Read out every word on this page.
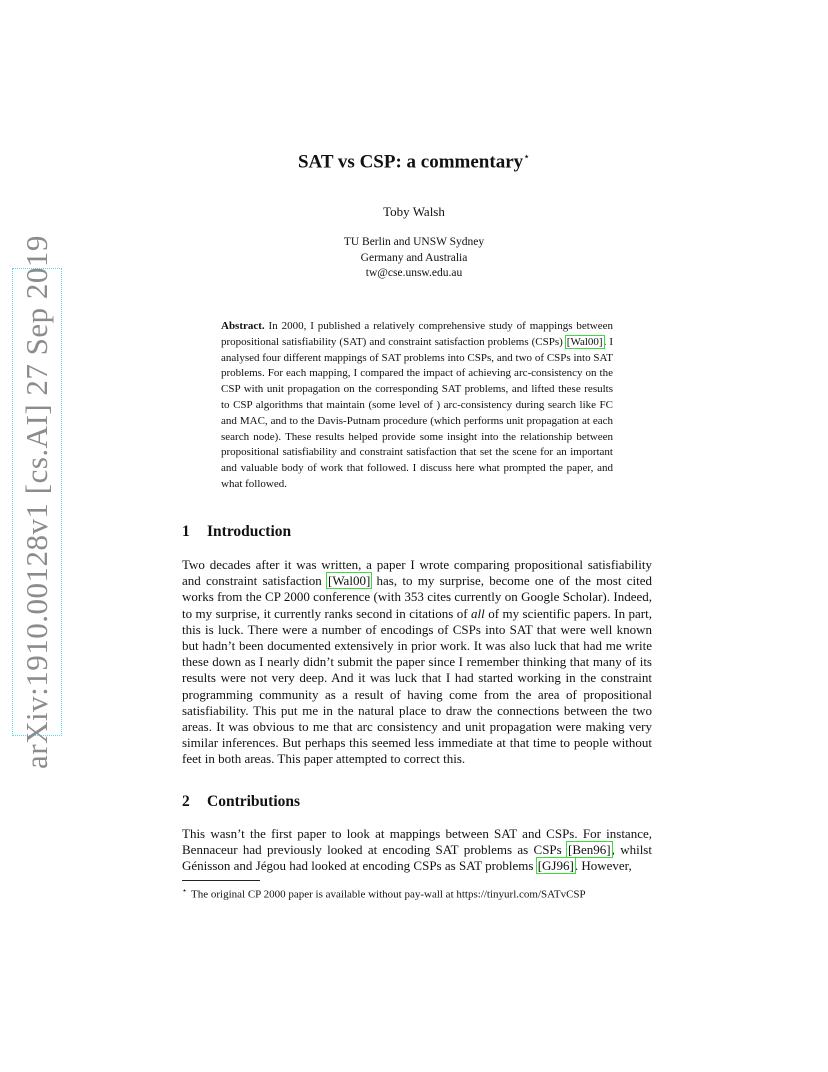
arXiv:1910.00128v1 [cs.AI] 27 Sep 2019
SAT vs CSP: a commentary⋆
Toby Walsh
TU Berlin and UNSW Sydney
Germany and Australia
tw@cse.unsw.edu.au
Abstract. In 2000, I published a relatively comprehensive study of mappings between propositional satisfiability (SAT) and constraint satisfaction problems (CSPs) [Wal00]. I analysed four different mappings of SAT problems into CSPs, and two of CSPs into SAT problems. For each mapping, I compared the impact of achieving arc-consistency on the CSP with unit propagation on the corresponding SAT problems, and lifted these results to CSP algorithms that maintain (some level of ) arc-consistency during search like FC and MAC, and to the Davis-Putnam procedure (which performs unit propagation at each search node). These results helped provide some insight into the relationship between propositional satisfiability and constraint satisfaction that set the scene for an important and valuable body of work that followed. I discuss here what prompted the paper, and what followed.
1 Introduction
Two decades after it was written, a paper I wrote comparing propositional satisfiability and constraint satisfaction [Wal00] has, to my surprise, become one of the most cited works from the CP 2000 conference (with 353 cites currently on Google Scholar). Indeed, to my surprise, it currently ranks second in citations of all of my scientific papers. In part, this is luck. There were a number of encodings of CSPs into SAT that were well known but hadn’t been documented extensively in prior work. It was also luck that had me write these down as I nearly didn’t submit the paper since I remember thinking that many of its results were not very deep. And it was luck that I had started working in the constraint programming community as a result of having come from the area of propositional satisfiability. This put me in the natural place to draw the connections between the two areas. It was obvious to me that arc consistency and unit propagation were making very similar inferences. But perhaps this seemed less immediate at that time to people without feet in both areas. This paper attempted to correct this.
2 Contributions
This wasn’t the first paper to look at mappings between SAT and CSPs. For instance, Bennaceur had previously looked at encoding SAT problems as CSPs [Ben96], whilst Génisson and Jégou had looked at encoding CSPs as SAT problems [GJ96]. However,
⋆ The original CP 2000 paper is available without pay-wall at https://tinyurl.com/SATvCSP
